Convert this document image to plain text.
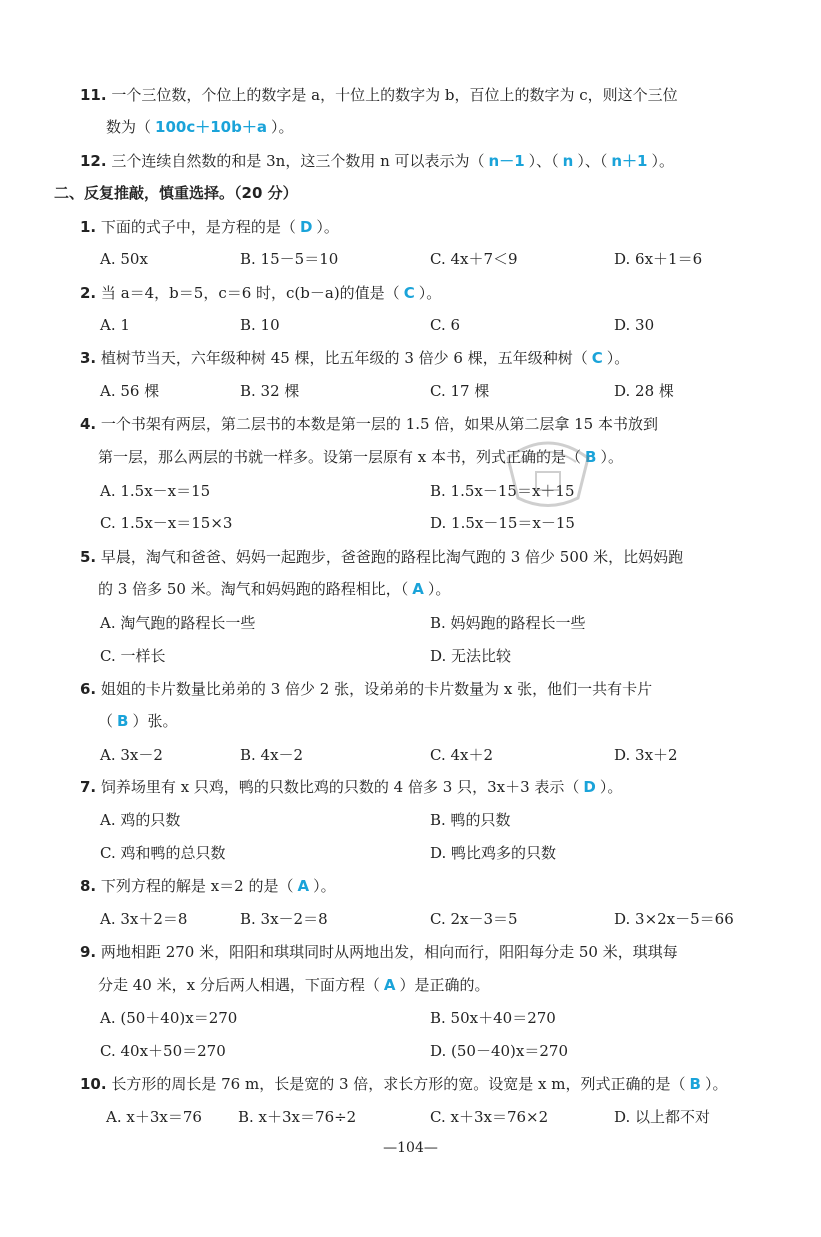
11. 一个三位数，个位上的数字是 a，十位上的数字为 b，百位上的数字为 c，则这个三位
数为（ 100c＋10b＋a ）。
12. 三个连续自然数的和是 3n，这三个数用 n 可以表示为（ n－1 ）、（ n ）、（ n＋1 ）。
二、反复推敲，慎重选择。（20 分）
1. 下面的式子中，是方程的是（ D ）。
A. 50x	B. 15－5＝10	C. 4x＋7＜9	D. 6x＋1＝6
2. 当 a＝4，b＝5，c＝6 时，c(b－a)的值是（ C ）。
A. 1	B. 10	C. 6	D. 30
3. 植树节当天，六年级种树 45 棵，比五年级的 3 倍少 6 棵，五年级种树（ C ）。
A. 56 棵	B. 32 棵	C. 17 棵	D. 28 棵
4. 一个书架有两层，第二层书的本数是第一层的 1.5 倍，如果从第二层拿 15 本书放到
第一层，那么两层的书就一样多。设第一层原有 x 本书，列式正确的是（ B ）。
A. 1.5x－x＝15	B. 1.5x－15＝x＋15
C. 1.5x－x＝15×3	D. 1.5x－15＝x－15
5. 早晨，淘气和爸爸、妈妈一起跑步，爸爸跑的路程比淘气跑的 3 倍少 500 米，比妈妈跑
的 3 倍多 50 米。淘气和妈妈跑的路程相比，（ A ）。
A. 淘气跑的路程长一些	B. 妈妈跑的路程长一些
C. 一样长	D. 无法比较
6. 姐姐的卡片数量比弟弟的 3 倍少 2 张，设弟弟的卡片数量为 x 张，他们一共有卡片
（ B ）张。
A. 3x－2	B. 4x－2	C. 4x＋2	D. 3x＋2
7. 饲养场里有 x 只鸡，鸭的只数比鸡的只数的 4 倍多 3 只，3x＋3 表示（ D ）。
A. 鸡的只数	B. 鸭的只数
C. 鸡和鸭的总只数	D. 鸭比鸡多的只数
8. 下列方程的解是 x＝2 的是（ A ）。
A. 3x＋2＝8	B. 3x－2＝8	C. 2x－3＝5	D. 3×2x－5＝66
9. 两地相距 270 米，阳阳和琪琪同时从两地出发，相向而行，阳阳每分走 50 米，琪琪每
分走 40 米，x 分后两人相遇，下面方程（ A ）是正确的。
A. (50＋40)x＝270	B. 50x＋40＝270
C. 40x＋50＝270	D. (50－40)x＝270
10. 长方形的周长是 76 m，长是宽的 3 倍，求长方形的宽。设宽是 x m，列式正确的是（ B ）。
A. x＋3x＝76 B. x＋3x＝76÷2	C. x＋3x＝76×2	D. 以上都不对
—104—
